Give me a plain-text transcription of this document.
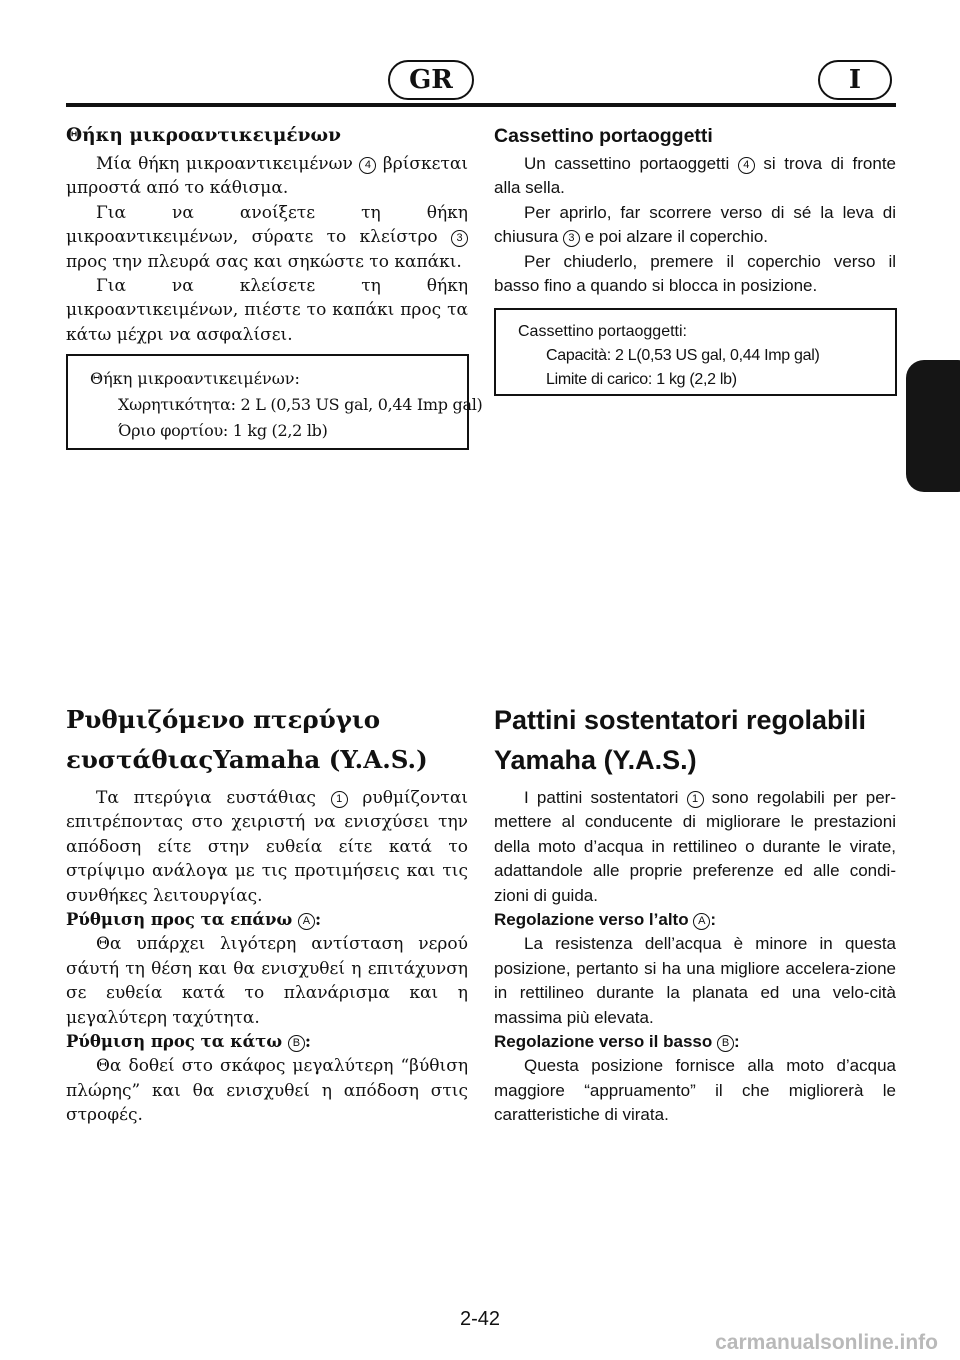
GR	I
Θήκη μικροαντικειμένων

Μία θήκη μικροαντικειμένων 4 βρίσκεται μπροστά από το κάθισμα.

Για να ανοίξετε τη θήκη μικροαντικειμένων, σύρατε το κλείστρο 3 προς την πλευρά σας και σηκώστε το καπάκι.

Για να κλείσετε τη θήκη μικροαντικειμένων, πιέστε το καπάκι προς τα κάτω μέχρι να ασφαλίσει.

Θήκη μικροαντικειμένων:
Χωρητικότητα: 2 L (0,53 US gal, 0,44 Imp gal)
Όριο φορτίου: 1 kg (2,2 lb)
Cassettino portaoggetti

Un cassettino portaoggetti 4 si trova di fronte alla sella.

Per aprirlo, far scorrere verso di sé la leva di chiusura 3 e poi alzare il coperchio.

Per chiuderlo, premere il coperchio verso il basso fino a quando si blocca in posizione.

Cassettino portaoggetti:
Capacità: 2 L(0,53 US gal, 0,44 Imp gal)
Limite di carico: 1 kg (2,2 lb)
Ρυθμιζόμενο πτερύγιο
ευστάθιαςYamaha (Y.A.S.)

Τα πτερύγια ευστάθιας 1 ρυθμίζονται επιτρέποντας στο χειριστή να ενισχύσει την απόδοση είτε στην ευθεία είτε κατά το στρίψιμο ανάλογα με τις προτιμήσεις και τις συνθήκες λειτουργίας.

Ρύθμιση προς τα επάνω A :

Θα υπάρχει λιγότερη αντίσταση νερού σάυτή τη θέση και θα ενισχυθεί η επιτάχυνση σε ευθεία κατά το πλανάρισμα και η μεγαλύτερη ταχύτητα.

Ρύθμιση προς τα κάτω B :

Θα δοθεί στο σκάφος μεγαλύτερη “βύθιση πλώρης” και θα ενισχυθεί η απόδοση στις στροφές.

Pattini sostentatori regolabili
Yamaha (Y.A.S.)

I pattini sostentatori 1 sono regolabili per per-mettere al conducente di migliorare le prestazioni della moto d’acqua in rettilineo o durante le virate, adattandole alle proprie preferenze ed alle condi-zioni di guida.

Regolazione verso l’alto A :

La resistenza dell’acqua è minore in questa posizione, pertanto si ha una migliore accelera-zione in rettilineo durante la planata ed una velo-cità massima più elevata.

Regolazione verso il basso B :

Questa posizione fornisce alla moto d’acqua maggiore “appruamento” il che migliorerà le caratteristiche di virata.

2-42
carmanualsonline.info
